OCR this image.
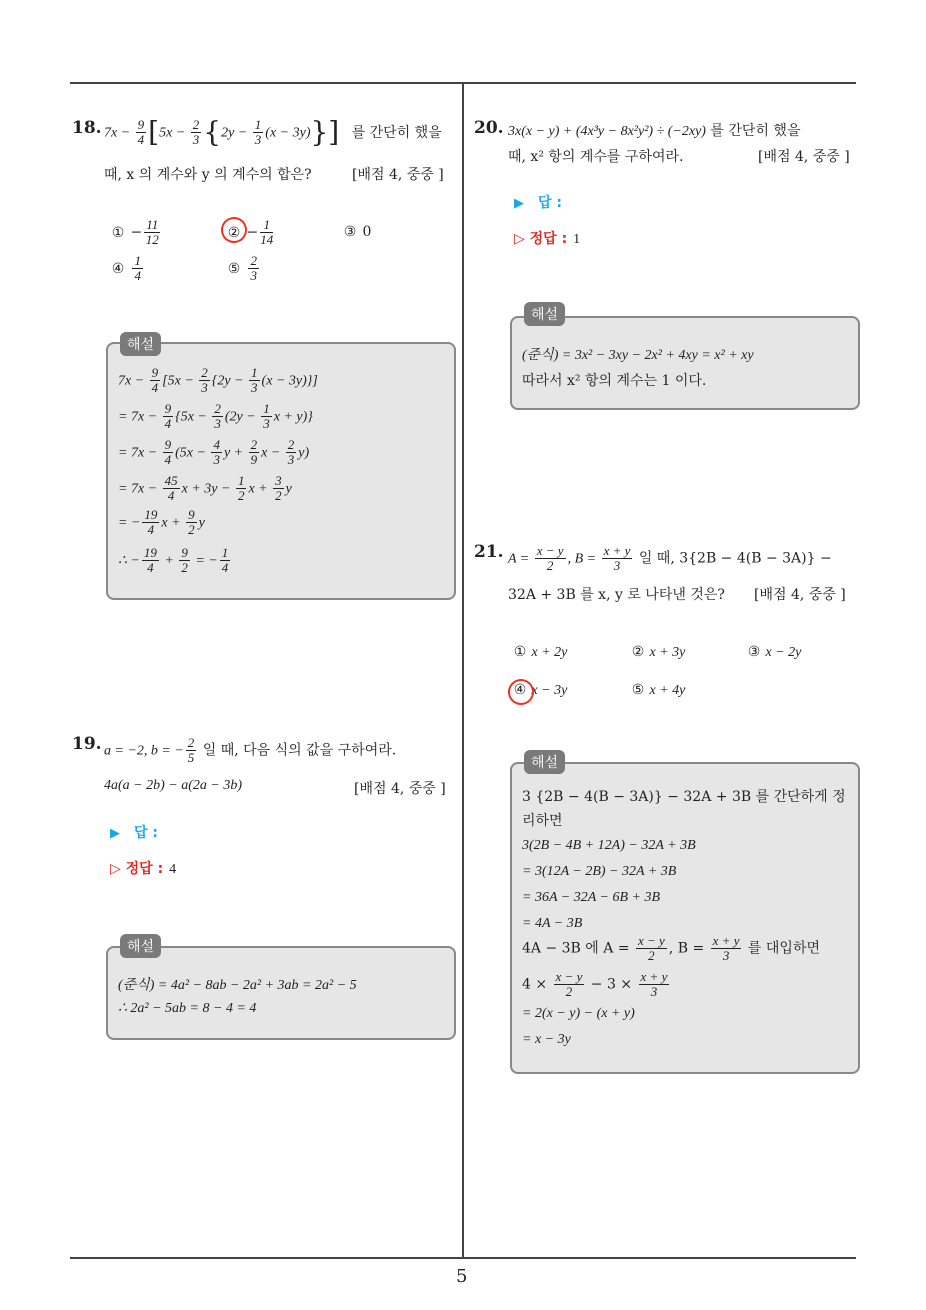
18. $7x - \frac{9}{4} [5x - \frac{2}{3} \{2y - \frac{1}{3} (x - 3y)\}]$ 를 간단히 했을
때, x 의 계수와 y 의 계수의 합은?	[배점 4, 중중 ]
① − $\frac{11}{12}$	② − $\frac{1}{14}$	③ 0
④ $\frac{1}{4}$	⑤ $\frac{2}{3}$
해설
$7x - \frac{9}{4} [5x - \frac{2}{3} \{2y - \frac{1}{3} (x - 3y)\}]$
= $7x - \frac{9}{4} \{5x - \frac{2}{3} (2y - \frac{1}{3}$ x + y)}
= $7x - \frac{9}{4} (5x - \frac{4}{3}$ $y + \frac{2}{9}$ $x - \frac{2}{3} y$)
= $7x - \frac{45}{4}$ $x + 3y - \frac{1}{2}$ $x + \frac{3}{2}$ y
= − $\frac{19}{4}$ $x + \frac{9}{2}$ y
∴ − $\frac{19}{4} + \frac{9}{2}$ = − $\frac{1}{4}$
19. a = −2, b = − $\frac{2}{5}$ 일 때, 다음 식의 값을 구하여라.
4a(a − 2b) − a(2a − 3b)	[배점 4, 중중 ]
▶ 답 :
▷ 정답 : 4
해설
(준식) = 4a² − 8ab − 2a² + 3ab = 2a² − 5
∴ 2a² − 5ab = 8 − 4 = 4
20. 3x(x − y) + (4x³y − 8x²y²) ÷ (−2xy) 를 간단히 했을
때, x² 항의 계수를 구하여라.	[배점 4, 중중 ]
▶ 답 :
▷ 정답 : 1
해설
(준식) = 3x² − 3xy − 2x² + 4xy = x² + xy
따라서 x² 항의 계수는 1 이다.
21. $A = \frac{x - y}{2}$ , $B = \frac{x + y}{3}$ 일 때, 3{2B − 4(B − 3A)} −
32A + 3B 를 x, y 로 나타낸 것은? [배점 4, 중중 ]
① x + 2y	② x + 3y	③ x − 2y
④ x − 3y	⑤ x + 4y
해설
3 {2B − 4(B − 3A)} − 32A + 3B 를 간단하게 정
리하면
3(2B − 4B + 12A) − 32A + 3B
= 3(12A − 2B) − 32A + 3B
= 36A − 32A − 6B + 3B
= 4A − 3B
4A − 3B 에 $A = \frac{x - y}{2}$ , $B = \frac{x + y}{3}$ 를 대입하면
$4 \times \frac{x - y}{2} - 3 \times \frac{x + y}{3}$
= 2(x − y) − (x + y)
= x − 3y
5
